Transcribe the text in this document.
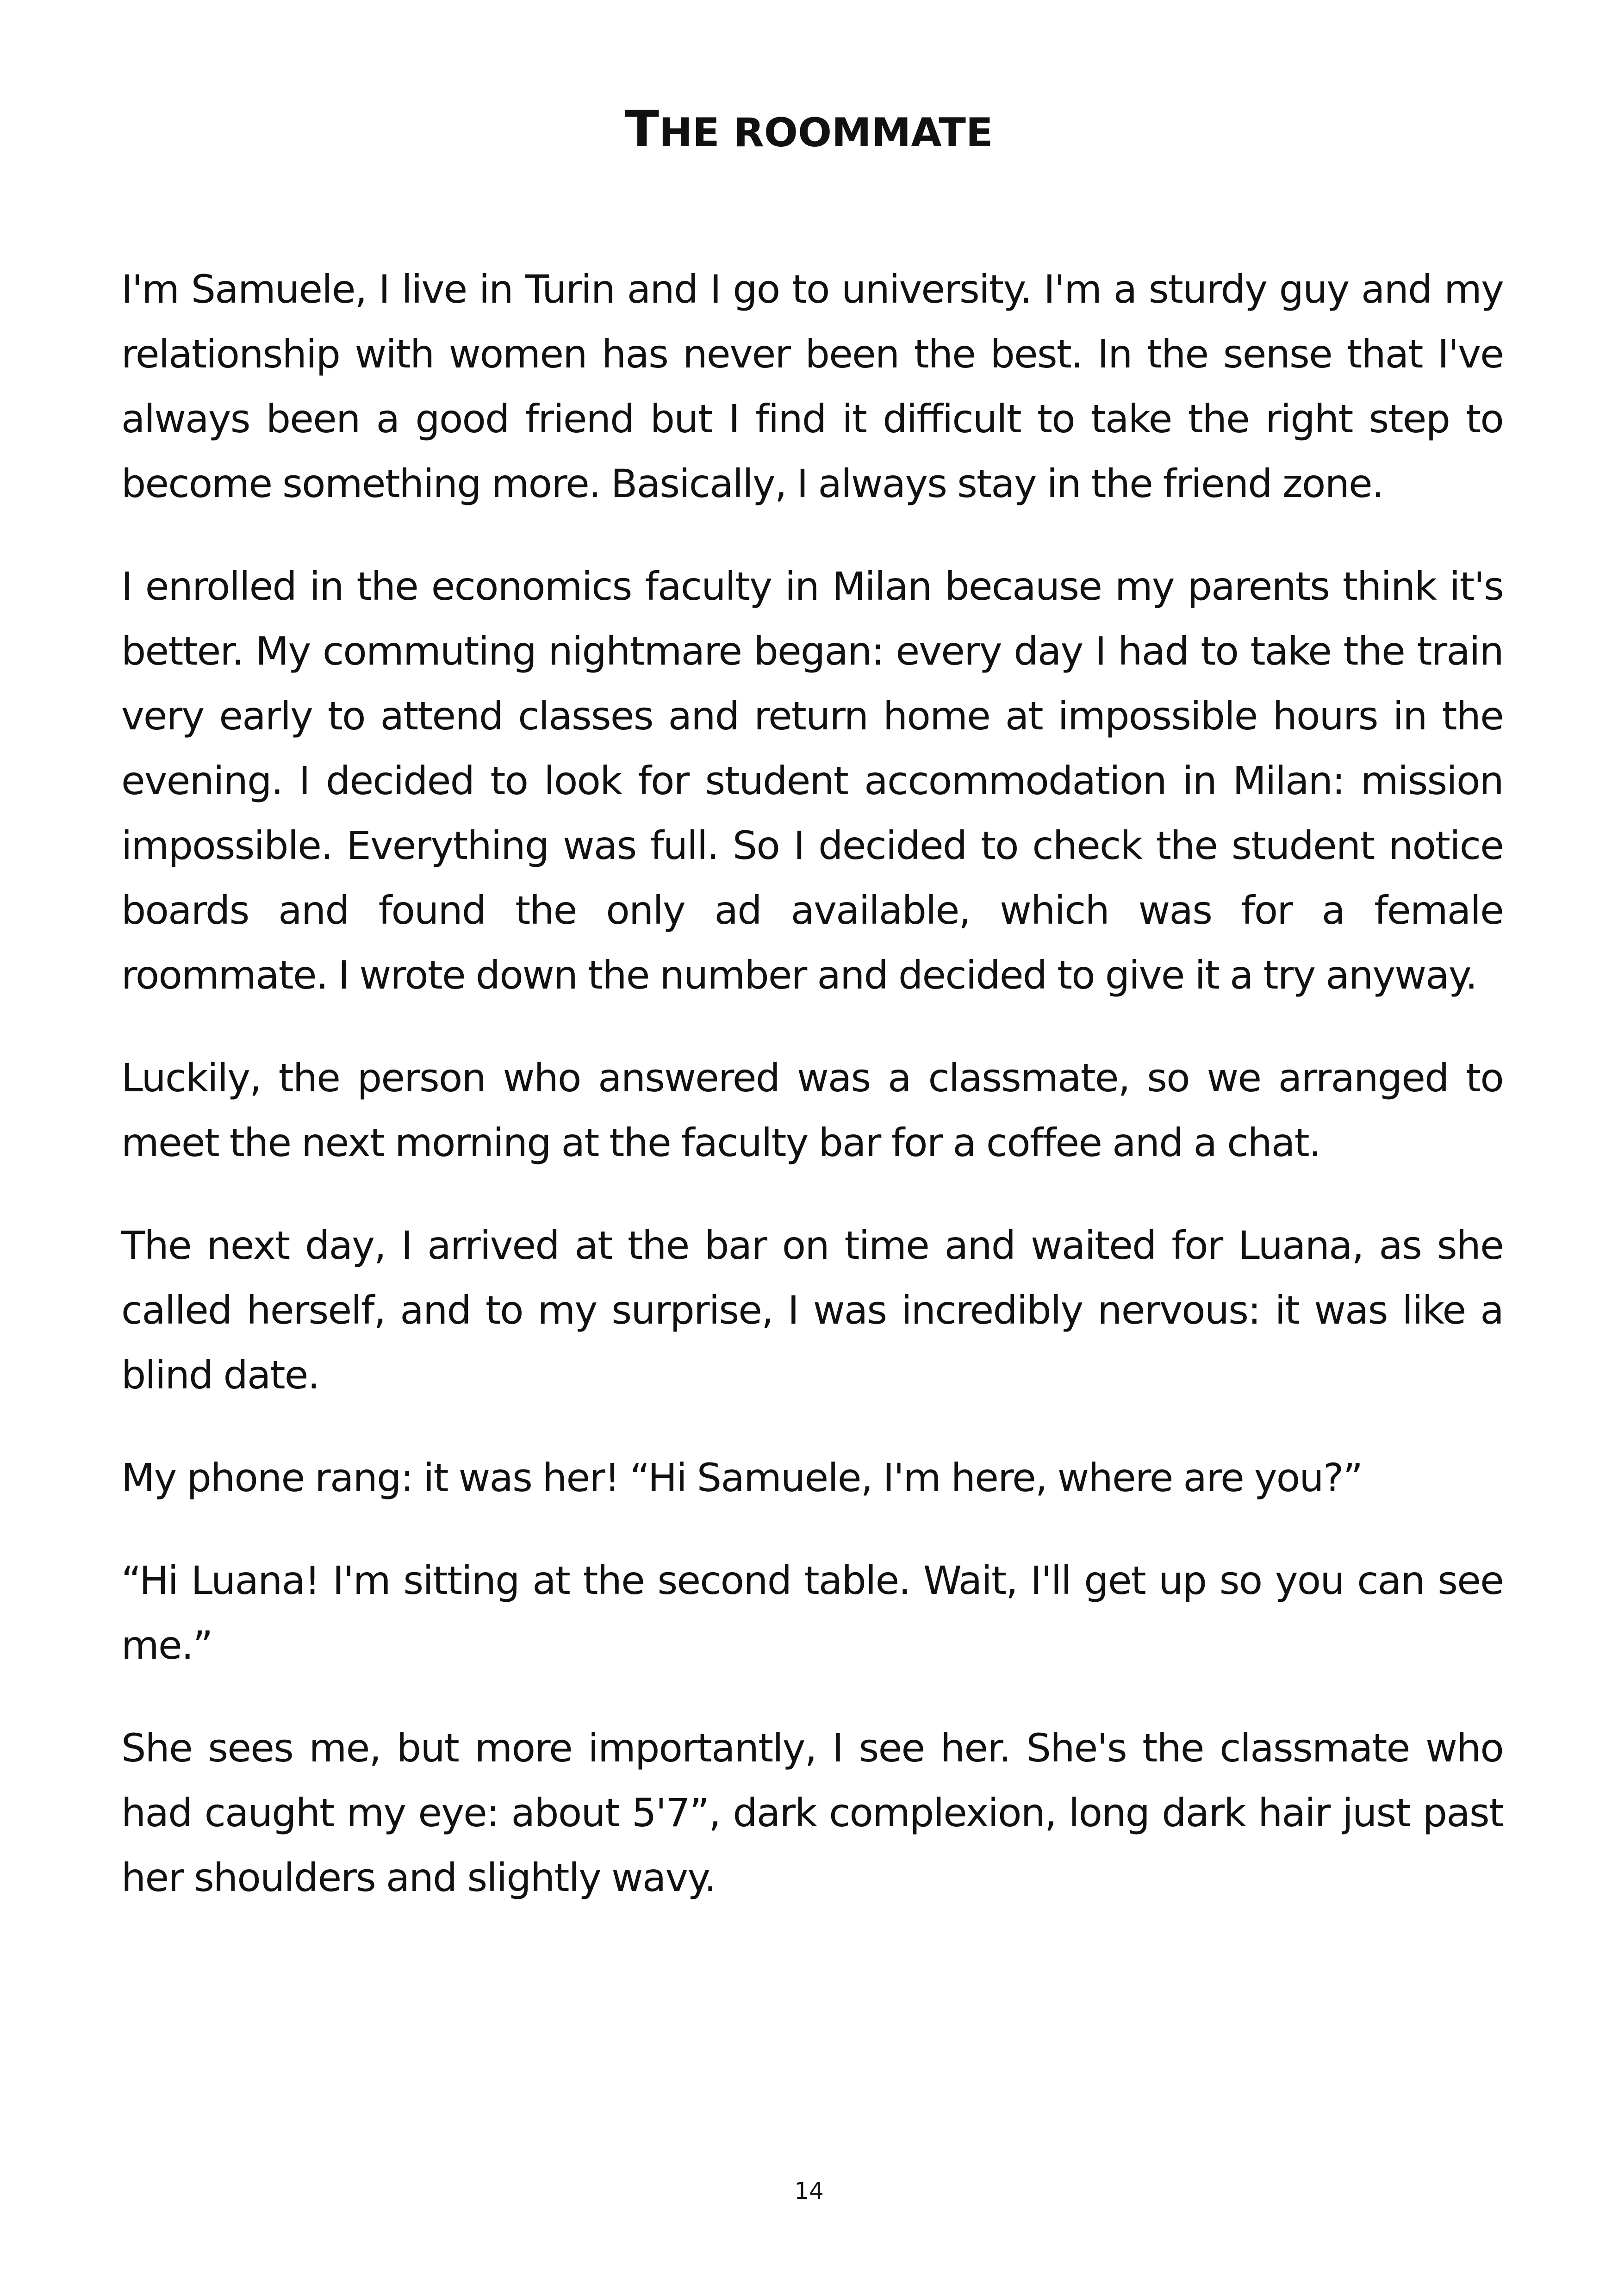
THE ROOMMATE

I'm Samuele, I live in Turin and I go to university. I'm a sturdy guy and my relationship with women has never been the best. In the sense that I've always been a good friend but I find it difficult to take the right step to become something more. Basically, I always stay in the friend zone.

I enrolled in the economics faculty in Milan because my parents think it's better. My commuting nightmare began: every day I had to take the train very early to attend classes and return home at impossible hours in the evening. I decided to look for student accommodation in Milan: mission impossible. Everything was full. So I decided to check the student notice boards and found the only ad available, which was for a female roommate. I wrote down the number and decided to give it a try anyway.

Luckily, the person who answered was a classmate, so we arranged to meet the next morning at the faculty bar for a coffee and a chat.

The next day, I arrived at the bar on time and waited for Luana, as she called herself, and to my surprise, I was incredibly nervous: it was like a blind date.

My phone rang: it was her! “Hi Samuele, I'm here, where are you?”

“Hi Luana! I'm sitting at the second table. Wait, I'll get up so you can see me.”

She sees me, but more importantly, I see her. She's the classmate who had caught my eye: about 5'7”, dark complexion, long dark hair just past her shoulders and slightly wavy.

14
